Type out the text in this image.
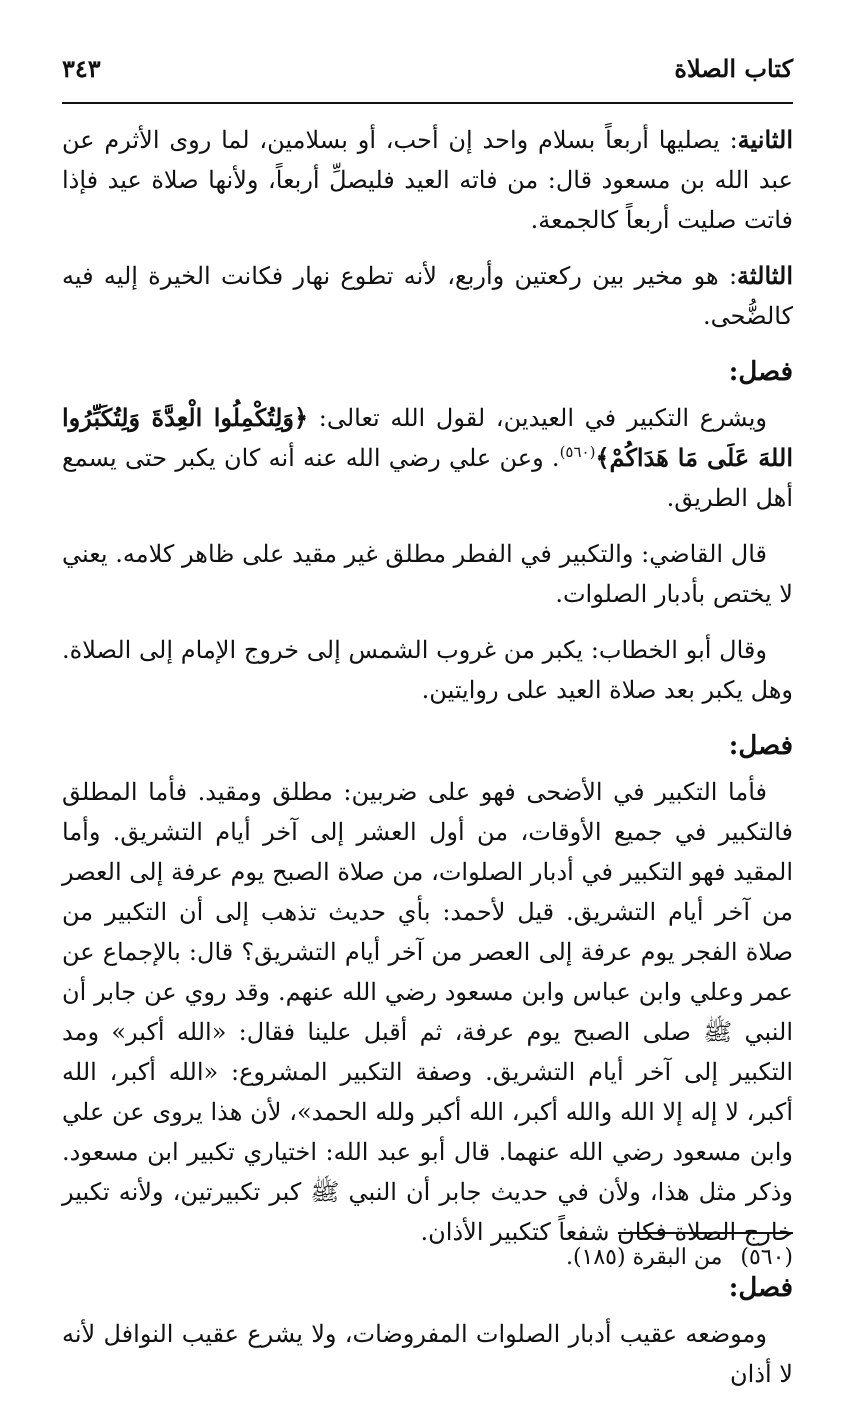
كتاب الصلاة
٣٤٣

الثانية: يصليها أربعاً بسلام واحد إن أحب، أو بسلامين، لما روى الأثرم عن عبد الله بن مسعود قال: من فاته العيد فليصلِّ أربعاً، ولأنها صلاة عيد فإذا فاتت صليت أربعاً كالجمعة.

الثالثة: هو مخير بين ركعتين وأربع، لأنه تطوع نهار فكانت الخيرة إليه فيه كالضُّحى.

فصل:

ويشرع التكبير في العيدين، لقول الله تعالى: ﴿وَلِتُكْمِلُوا الْعِدَّةَ وَلِتُكَبِّرُوا اللهَ عَلَى مَا هَدَاكُمْ﴾$^{(٥٦٠)}$. وعن علي رضي الله عنه أنه كان يكبر حتى يسمع أهل الطريق.

قال القاضي: والتكبير في الفطر مطلق غير مقيد على ظاهر كلامه. يعني لا يختص بأدبار الصلوات.

وقال أبو الخطاب: يكبر من غروب الشمس إلى خروج الإمام إلى الصلاة. وهل يكبر بعد صلاة العيد على روايتين.

فصل:

فأما التكبير في الأضحى فهو على ضربين: مطلق ومقيد. فأما المطلق فالتكبير في جميع الأوقات، من أول العشر إلى آخر أيام التشريق. وأما المقيد فهو التكبير في أدبار الصلوات، من صلاة الصبح يوم عرفة إلى العصر من آخر أيام التشريق. قيل لأحمد: بأي حديث تذهب إلى أن التكبير من صلاة الفجر يوم عرفة إلى العصر من آخر أيام التشريق؟ قال: بالإجماع عن عمر وعلي وابن عباس وابن مسعود رضي الله عنهم. وقد روي عن جابر أن النبي ﷺ صلى الصبح يوم عرفة، ثم أقبل علينا فقال: «الله أكبر» ومد التكبير إلى آخر أيام التشريق. وصفة التكبير المشروع: «الله أكبر، الله أكبر، لا إله إلا الله والله أكبر، الله أكبر ولله الحمد»، لأن هذا يروى عن علي وابن مسعود رضي الله عنهما. قال أبو عبد الله: اختياري تكبير ابن مسعود. وذكر مثل هذا، ولأن في حديث جابر أن النبي ﷺ كبر تكبيرتين، ولأنه تكبير خارج الصلاة فكان شفعاً كتكبير الأذان.

فصل:

وموضعه عقيب أدبار الصلوات المفروضات، ولا يشرع عقيب النوافل لأنه لا أذان

(٥٦٠)من البقرة (١٨٥).
